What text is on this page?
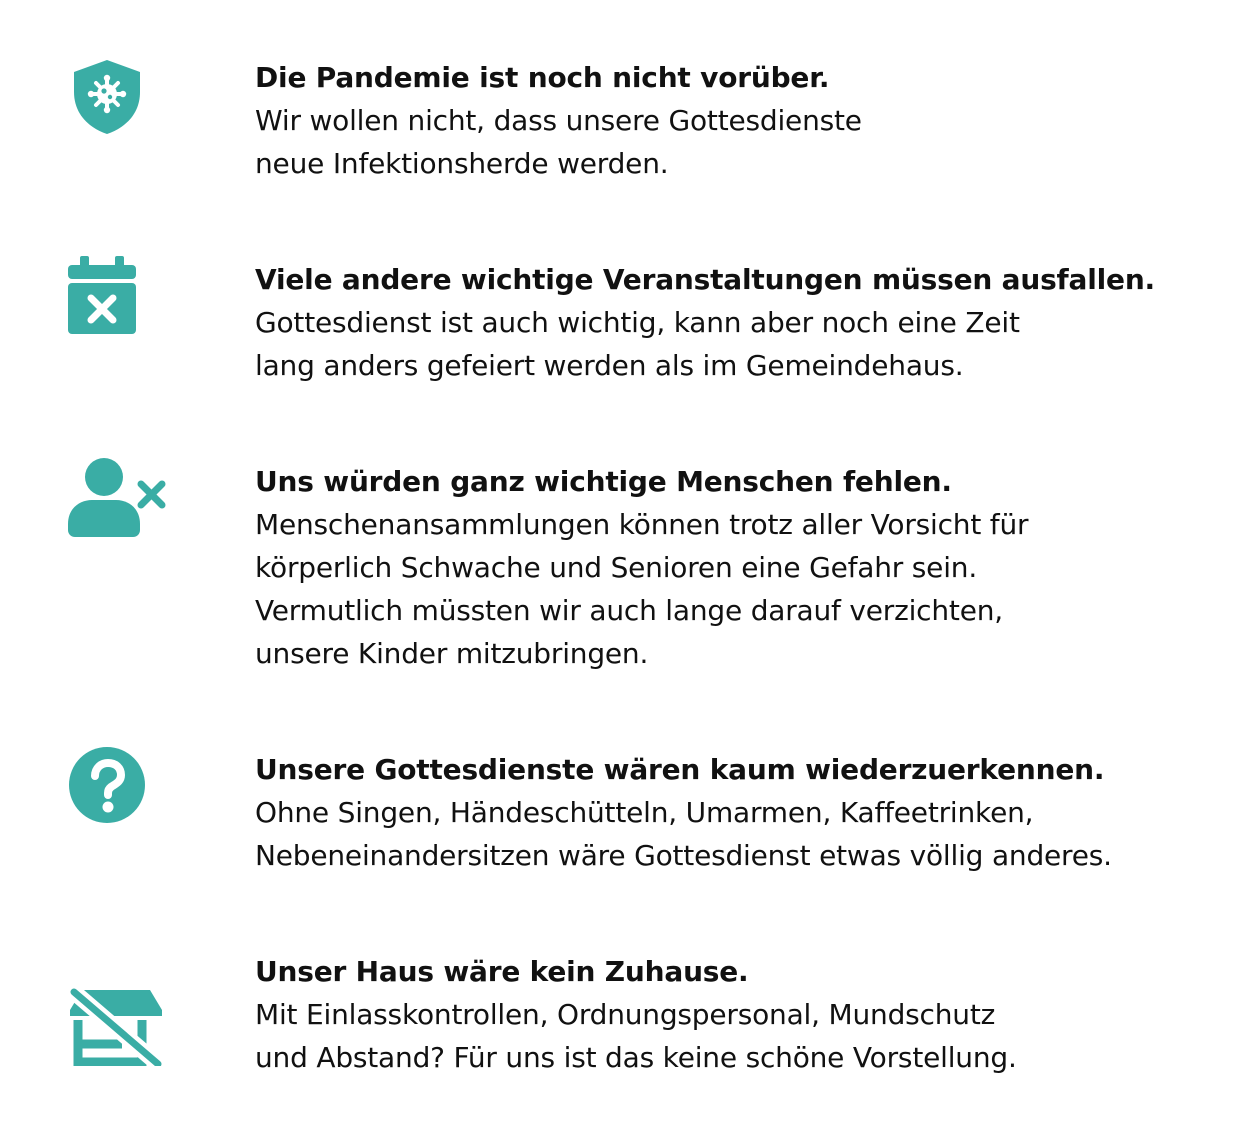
Die Pandemie ist noch nicht vorüber.
Wir wollen nicht, dass unsere Gottesdienste
neue Infektionsherde werden.
Viele andere wichtige Veranstaltungen müssen ausfallen.
Gottesdienst ist auch wichtig, kann aber noch eine Zeit
lang anders gefeiert werden als im Gemeindehaus.
Uns würden ganz wichtige Menschen fehlen.
Menschenansammlungen können trotz aller Vorsicht für
körperlich Schwache und Senioren eine Gefahr sein.
Vermutlich müssten wir auch lange darauf verzichten,
unsere Kinder mitzubringen.
Unsere Gottesdienste wären kaum wiederzuerkennen.
Ohne Singen, Händeschütteln, Umarmen, Kaffeetrinken,
Nebeneinandersitzen wäre Gottesdienst etwas völlig anderes.
Unser Haus wäre kein Zuhause.
Mit Einlasskontrollen, Ordnungspersonal, Mundschutz
und Abstand? Für uns ist das keine schöne Vorstellung.
